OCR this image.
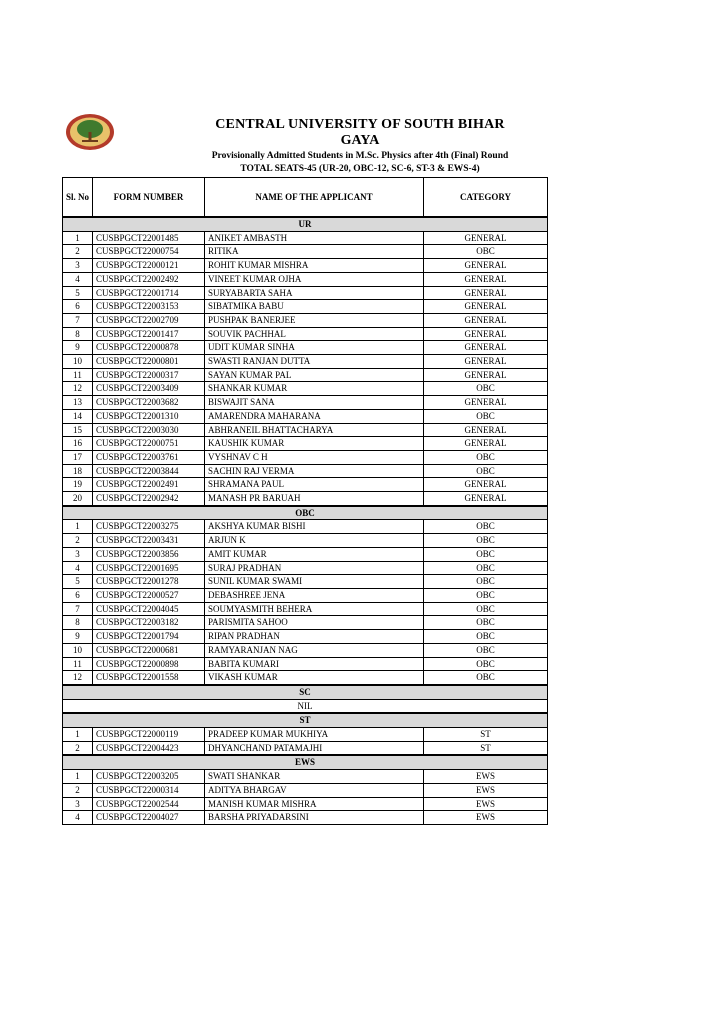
CENTRAL UNIVERSITY OF SOUTH BIHAR
GAYA
Provisionally Admitted Students in M.Sc. Physics after 4th (Final) Round
TOTAL SEATS-45 (UR-20, OBC-12, SC-6, ST-3 & EWS-4)
Sl. No	FORM NUMBER	NAME OF THE APPLICANT	CATEGORY
UR			
1	CUSBPGCT22001485	ANIKET AMBASTH	GENERAL
2	CUSBPGCT22000754	RITIKA	OBC
3	CUSBPGCT22000121	ROHIT KUMAR MISHRA	GENERAL
4	CUSBPGCT22002492	VINEET KUMAR OJHA	GENERAL
5	CUSBPGCT22001714	SURYABARTA SAHA	GENERAL
6	CUSBPGCT22003153	SIBATMIKA BABU	GENERAL
7	CUSBPGCT22002709	PUSHPAK BANERJEE	GENERAL
8	CUSBPGCT22001417	SOUVIK PACHHAL	GENERAL
9	CUSBPGCT22000878	UDIT KUMAR SINHA	GENERAL
10	CUSBPGCT22000801	SWASTI RANJAN DUTTA	GENERAL
11	CUSBPGCT22000317	SAYAN KUMAR PAL	GENERAL
12	CUSBPGCT22003409	SHANKAR KUMAR	OBC
13	CUSBPGCT22003682	BISWAJIT SANA	GENERAL
14	CUSBPGCT22001310	AMARENDRA MAHARANA	OBC
15	CUSBPGCT22003030	ABHRANEIL BHATTACHARYA	GENERAL
16	CUSBPGCT22000751	KAUSHIK KUMAR	GENERAL
17	CUSBPGCT22003761	VYSHNAV C H	OBC
18	CUSBPGCT22003844	SACHIN RAJ VERMA	OBC
19	CUSBPGCT22002491	SHRAMANA PAUL	GENERAL
20	CUSBPGCT22002942	MANASH PR BARUAH	GENERAL
OBC			
1	CUSBPGCT22003275	AKSHYA KUMAR BISHI	OBC
2	CUSBPGCT22003431	ARJUN K	OBC
3	CUSBPGCT22003856	AMIT KUMAR	OBC
4	CUSBPGCT22001695	SURAJ PRADHAN	OBC
5	CUSBPGCT22001278	SUNIL KUMAR SWAMI	OBC
6	CUSBPGCT22000527	DEBASHREE JENA	OBC
7	CUSBPGCT22004045	SOUMYASMITH BEHERA	OBC
8	CUSBPGCT22003182	PARISMITA SAHOO	OBC
9	CUSBPGCT22001794	RIPAN PRADHAN	OBC
10	CUSBPGCT22000681	RAMYARANJAN NAG	OBC
11	CUSBPGCT22000898	BABITA KUMARI	OBC
12	CUSBPGCT22001558	VIKASH KUMAR	OBC
SC			
NIL			
ST			
1	CUSBPGCT22000119	PRADEEP KUMAR MUKHIYA	ST
2	CUSBPGCT22004423	DHYANCHAND PATAMAJHI	ST
EWS			
1	CUSBPGCT22003205	SWATI SHANKAR	EWS
2	CUSBPGCT22000314	ADITYA BHARGAV	EWS
3	CUSBPGCT22002544	MANISH KUMAR MISHRA	EWS
4	CUSBPGCT22004027	BARSHA PRIYADARSINI	EWS
